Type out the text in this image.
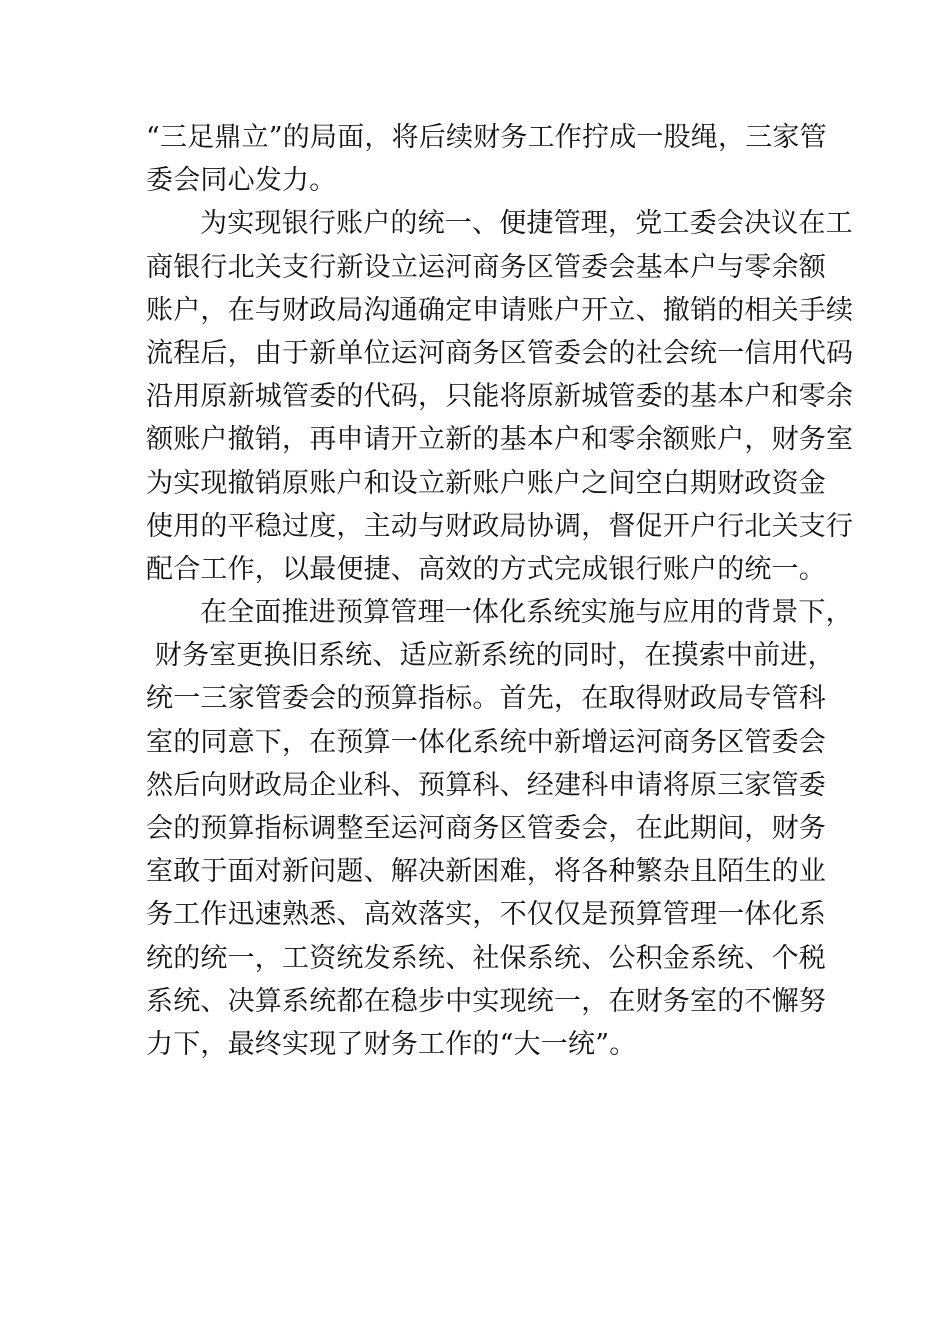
“三足鼎立”的局面，将后续财务工作拧成一股绳，三家管
委会同心发力。
为实现银行账户的统一、便捷管理，党工委会决议在工
商银行北关支行新设立运河商务区管委会基本户与零余额
账户，在与财政局沟通确定申请账户开立、撤销的相关手续
流程后，由于新单位运河商务区管委会的社会统一信用代码
沿用原新城管委的代码，只能将原新城管委的基本户和零余
额账户撤销，再申请开立新的基本户和零余额账户，财务室
为实现撤销原账户和设立新账户账户之间空白期财政资金
使用的平稳过度，主动与财政局协调，督促开户行北关支行
配合工作，以最便捷、高效的方式完成银行账户的统一。
在全面推进预算管理一体化系统实施与应用的背景下，
财务室更换旧系统、适应新系统的同时，在摸索中前进，
统一三家管委会的预算指标。首先，在取得财政局专管科
室的同意下，在预算一体化系统中新增运河商务区管委会
然后向财政局企业科、预算科、经建科申请将原三家管委
会的预算指标调整至运河商务区管委会，在此期间，财务
室敢于面对新问题、解决新困难，将各种繁杂且陌生的业
务工作迅速熟悉、高效落实，不仅仅是预算管理一体化系
统的统一，工资统发系统、社保系统、公积金系统、个税
系统、决算系统都在稳步中实现统一，在财务室的不懈努
力下，最终实现了财务工作的“大一统”。
